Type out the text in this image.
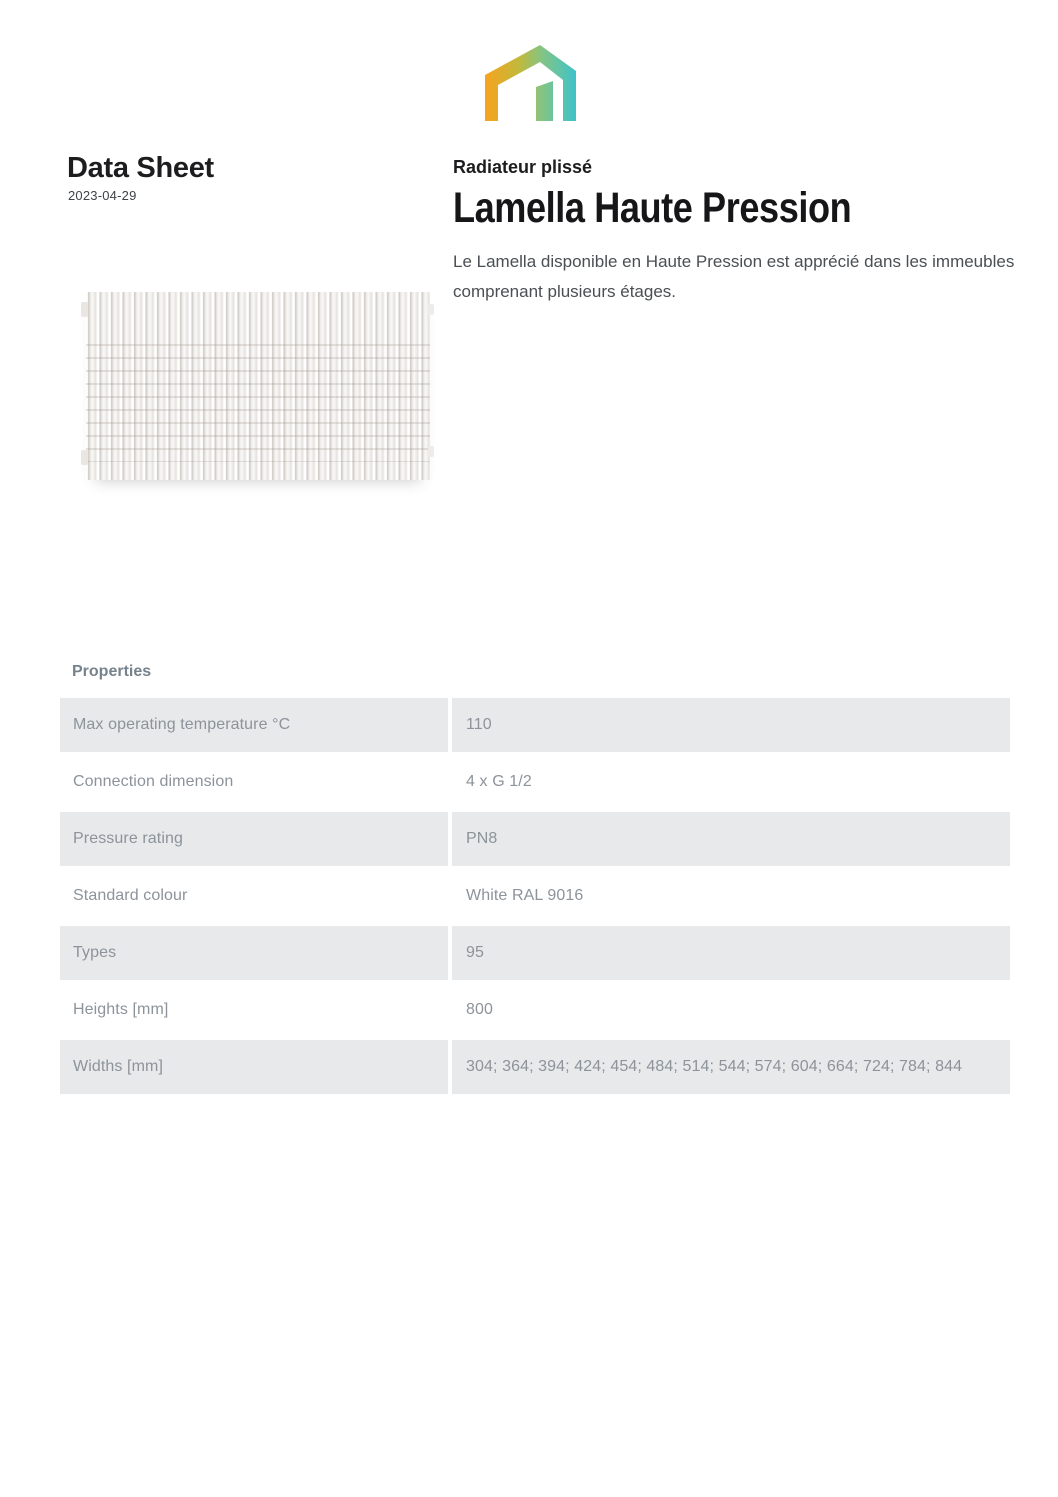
Data Sheet
2023-04-29
Radiateur plissé
Lamella Haute Pression
Le Lamella disponible en Haute Pression est apprécié dans les immeubles comprenant plusieurs étages.
Properties
Max operating temperature °C	110
Connection dimension	4 x G 1/2
Pressure rating	PN8
Standard colour	White RAL 9016
Types	95
Heights [mm]	800
Widths [mm]	304; 364; 394; 424; 454; 484; 514; 544; 574; 604; 664; 724; 784; 844
